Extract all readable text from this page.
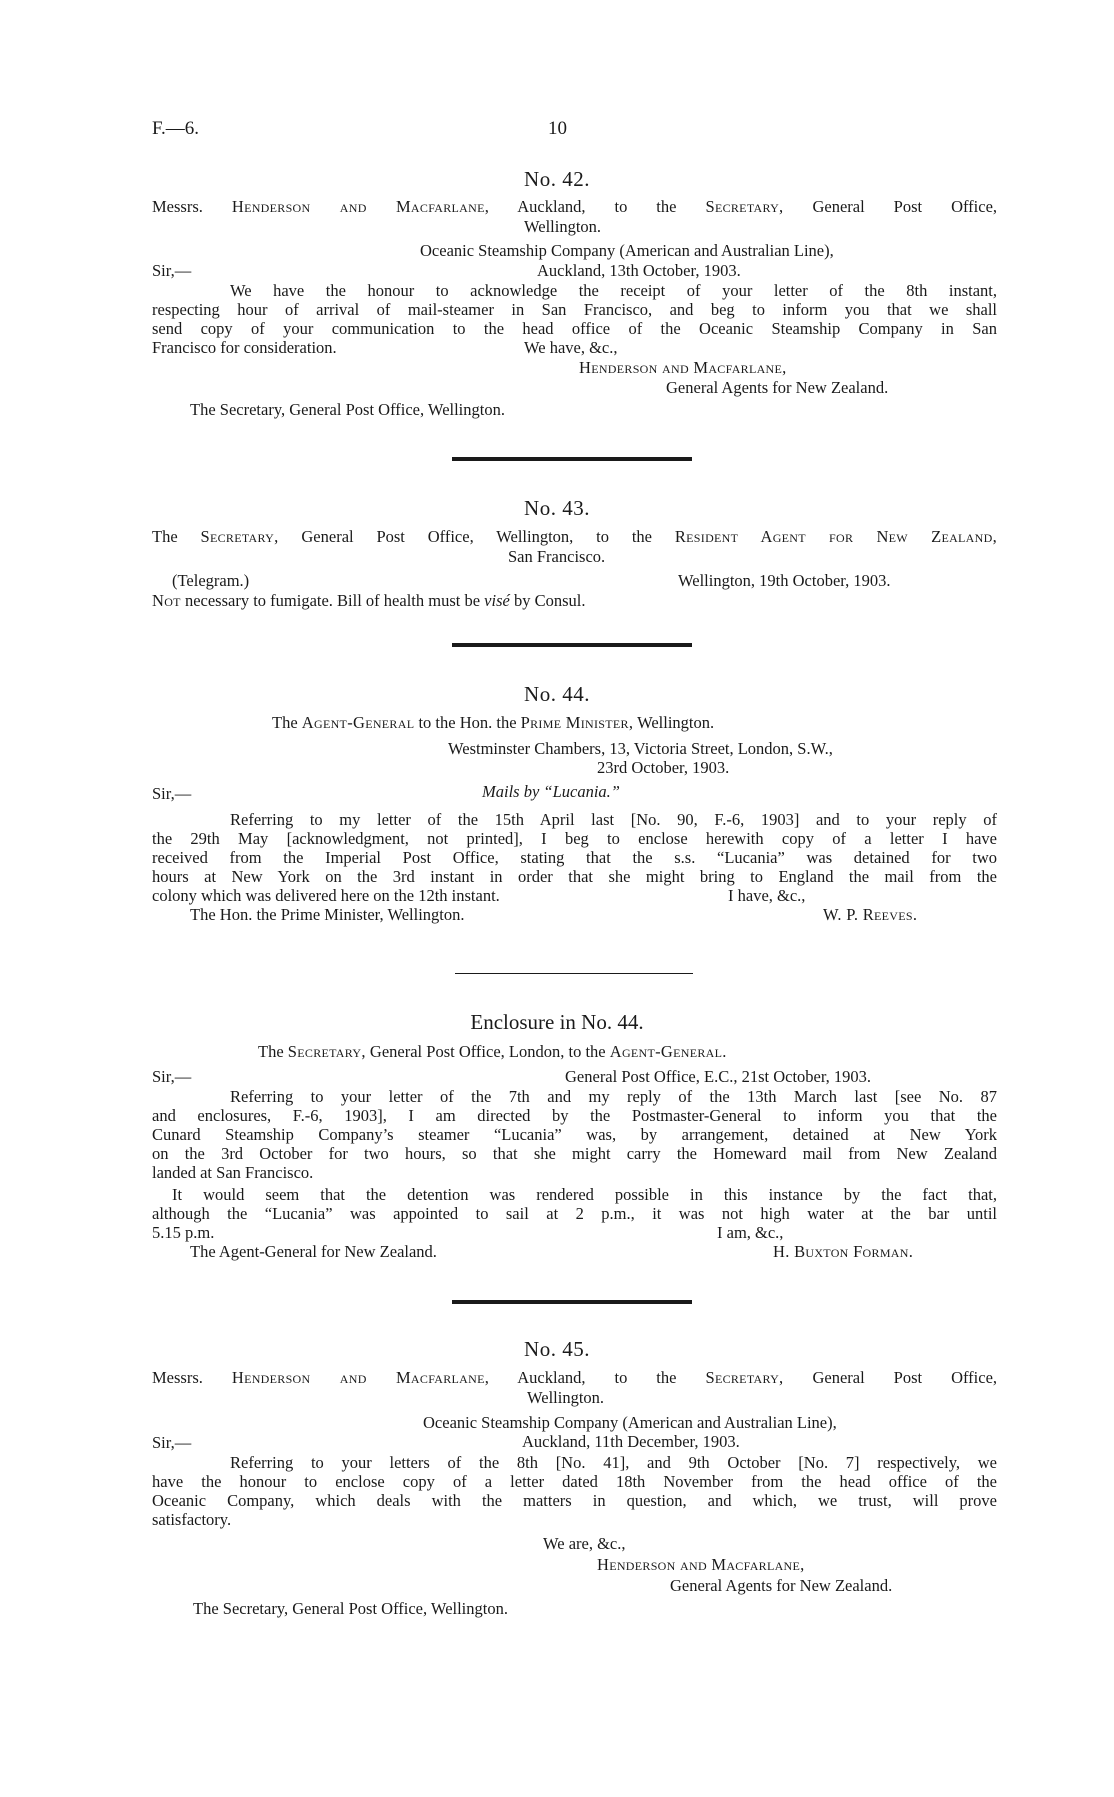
F.—6.	10
No. 42.
Messrs. Henderson and Macfarlane, Auckland, to the Secretary, General Post Office,
Wellington.
Oceanic Steamship Company (American and Australian Line),
Sir,—	Auckland, 13th October, 1903.
We have the honour to acknowledge the receipt of your letter of the 8th instant,
respecting hour of arrival of mail-steamer in San Francisco, and beg to inform you that we shall
send copy of your communication to the head office of the Oceanic Steamship Company in San
Francisco for consideration.	We have, &c.,
Henderson and Macfarlane,
General Agents for New Zealand.
The Secretary, General Post Office, Wellington.
No. 43.
The Secretary, General Post Office, Wellington, to the Resident Agent for New Zealand,
San Francisco.
(Telegram.)	Wellington, 19th October, 1903.
Not necessary to fumigate. Bill of health must be visé by Consul.
No. 44.
The Agent-General to the Hon. the Prime Minister, Wellington.
Westminster Chambers, 13, Victoria Street, London, S.W.,
23rd October, 1903.
Sir,—	Mails by “Lucania.”
Referring to my letter of the 15th April last [No. 90, F.-6, 1903] and to your reply of
the 29th May [acknowledgment, not printed], I beg to enclose herewith copy of a letter I have
received from the Imperial Post Office, stating that the s.s. “Lucania” was detained for two
hours at New York on the 3rd instant in order that she might bring to England the mail from the
colony which was delivered here on the 12th instant.	I have, &c.,
The Hon. the Prime Minister, Wellington.	W. P. Reeves.
Enclosure in No. 44.
The Secretary, General Post Office, London, to the Agent-General.
Sir,—	General Post Office, E.C., 21st October, 1903.
Referring to your letter of the 7th and my reply of the 13th March last [see No. 87
and enclosures, F.-6, 1903], I am directed by the Postmaster-General to inform you that the
Cunard Steamship Company’s steamer “Lucania” was, by arrangement, detained at New York
on the 3rd October for two hours, so that she might carry the Homeward mail from New Zealand
landed at San Francisco.
It would seem that the detention was rendered possible in this instance by the fact that,
although the “Lucania” was appointed to sail at 2 p.m., it was not high water at the bar until
5.15 p.m.	I am, &c.,
The Agent-General for New Zealand.	H. Buxton Forman.
No. 45.
Messrs. Henderson and Macfarlane, Auckland, to the Secretary, General Post Office,
Wellington.
Oceanic Steamship Company (American and Australian Line),
Sir,—	Auckland, 11th December, 1903.
Referring to your letters of the 8th [No. 41], and 9th October [No. 7] respectively, we
have the honour to enclose copy of a letter dated 18th November from the head office of the
Oceanic Company, which deals with the matters in question, and which, we trust, will prove
satisfactory.
We are, &c.,
Henderson and Macfarlane,
General Agents for New Zealand.
The Secretary, General Post Office, Wellington.
